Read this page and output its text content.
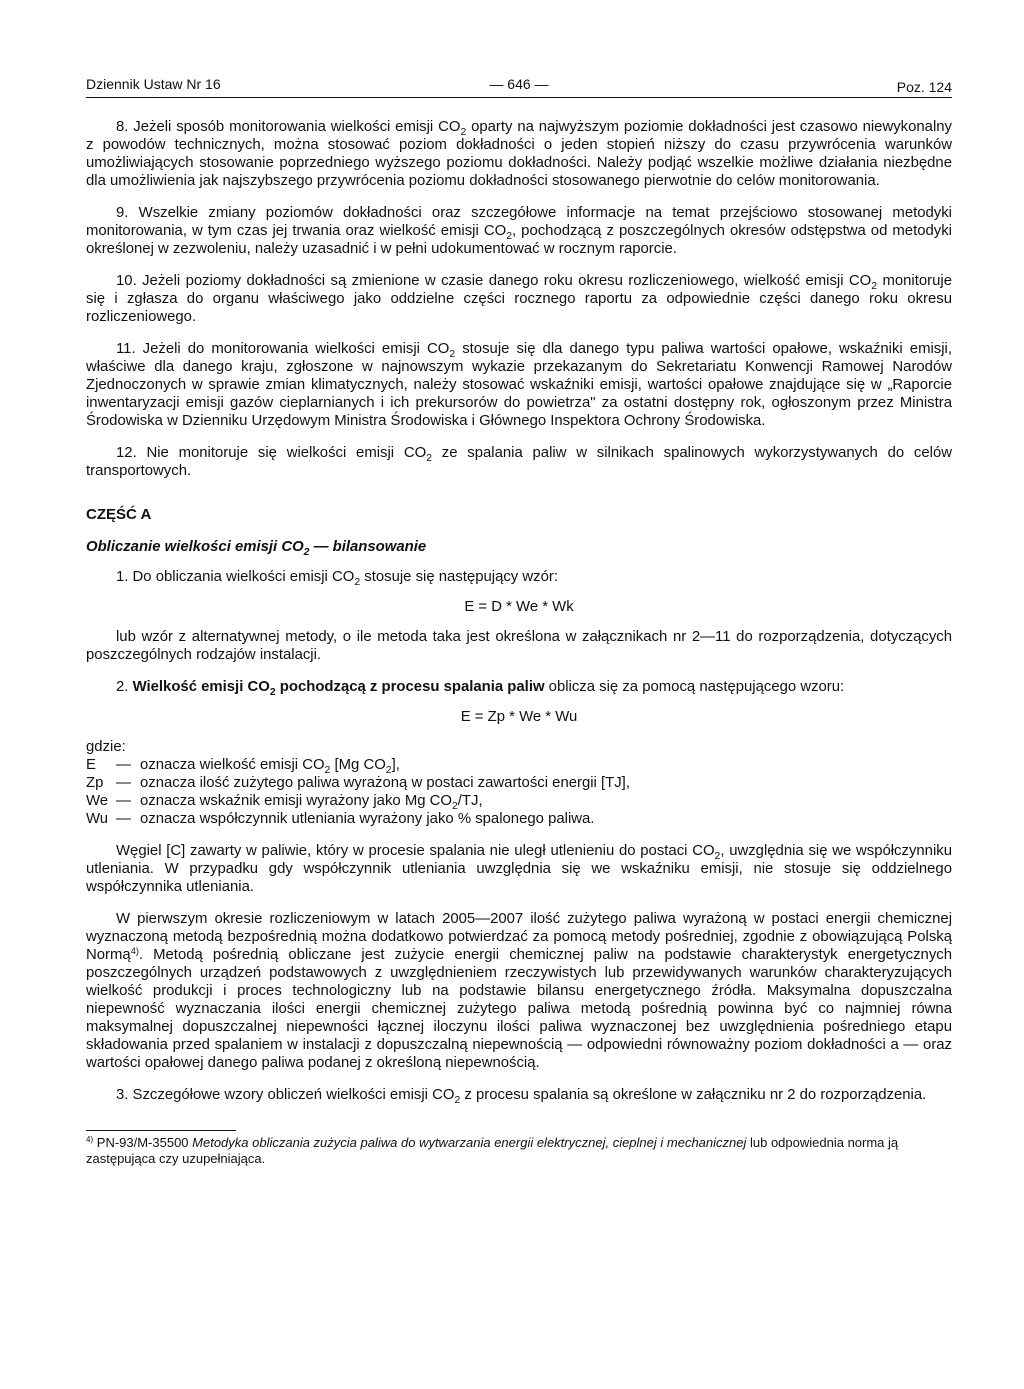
Dziennik Ustaw Nr 16	— 646 —	Poz. 124

8. Jeżeli sposób monitorowania wielkości emisji $CO_2$ oparty na najwyższym poziomie dokładności jest czasowo niewykonalny z powodów technicznych, można stosować poziom dokładności o jeden stopień niższy do czasu przywrócenia warunków umożliwiających stosowanie poprzedniego wyższego poziomu dokładności. Należy podjąć wszelkie możliwe działania niezbędne dla umożliwienia jak najszybszego przywrócenia poziomu dokładności stosowanego pierwotnie do celów monitorowania.

9. Wszelkie zmiany poziomów dokładności oraz szczegółowe informacje na temat przejściowo stosowanej metodyki monitorowania, w tym czas jej trwania oraz wielkość emisji $CO_2$, pochodzącą z poszczególnych okresów odstępstwa od metodyki określonej w zezwoleniu, należy uzasadnić i w pełni udokumentować w rocznym raporcie.

10. Jeżeli poziomy dokładności są zmienione w czasie danego roku okresu rozliczeniowego, wielkość emisji $CO_2$ monitoruje się i zgłasza do organu właściwego jako oddzielne części rocznego raportu za odpowiednie części danego roku okresu rozliczeniowego.

11. Jeżeli do monitorowania wielkości emisji $CO_2$ stosuje się dla danego typu paliwa wartości opałowe, wskaźniki emisji, właściwe dla danego kraju, zgłoszone w najnowszym wykazie przekazanym do Sekretariatu Konwencji Ramowej Narodów Zjednoczonych w sprawie zmian klimatycznych, należy stosować wskaźniki emisji, wartości opałowe znajdujące się w „Raporcie inwentaryzacji emisji gazów cieplarnianych i ich prekursorów do powietrza" za ostatni dostępny rok, ogłoszonym przez Ministra Środowiska w Dzienniku Urzędowym Ministra Środowiska i Głównego Inspektora Ochrony Środowiska.

12. Nie monitoruje się wielkości emisji $CO_2$ ze spalania paliw w silnikach spalinowych wykorzystywanych do celów transportowych.

CZĘŚĆ A
Obliczanie wielkości emisji $CO_2$ — bilansowanie

1. Do obliczania wielkości emisji $CO_2$ stosuje się następujący wzór:

E = D * We * Wk

lub wzór z alternatywnej metody, o ile metoda taka jest określona w załącznikach nr 2—11 do rozporządzenia, dotyczących poszczególnych rodzajów instalacji.

2. Wielkość emisji $CO_2$ pochodzącą z procesu spalania paliw oblicza się za pomocą następującego wzoru:

E = Zp * We * Wu
gdzie:
E	— oznacza wielkość emisji $CO_2$ [Mg $CO_2$],
Zp — oznacza ilość zużytego paliwa wyrażoną w postaci zawartości energii [TJ],
We — oznacza wskaźnik emisji wyrażony jako Mg $CO_2/TJ$,
Wu — oznacza współczynnik utleniania wyrażony jako % spalonego paliwa.

Węgiel [C] zawarty w paliwie, który w procesie spalania nie uległ utlenieniu do postaci $CO_2$, uwzględnia się we współczynniku utleniania. W przypadku gdy współczynnik utleniania uwzględnia się we wskaźniku emisji, nie stosuje się oddzielnego współczynnika utleniania.

W pierwszym okresie rozliczeniowym w latach 2005—2007 ilość zużytego paliwa wyrażoną w postaci energii chemicznej wyznaczoną metodą bezpośrednią można dodatkowo potwierdzać za pomocą metody pośredniej, zgodnie z obowiązującą Polską Normą$^{4)}$. Metodą pośrednią obliczane jest zużycie energii chemicznej paliw na podstawie charakterystyk energetycznych poszczególnych urządzeń podstawowych z uwzględnieniem rzeczywistych lub przewidywanych warunków charakteryzujących wielkość produkcji i proces technologiczny lub na podstawie bilansu energetycznego źródła. Maksymalna dopuszczalna niepewność wyznaczania ilości energii chemicznej zużytego paliwa metodą pośrednią powinna być co najmniej równa maksymalnej dopuszczalnej niepewności łącznej iloczynu ilości paliwa wyznaczonej bez uwzględnienia pośredniego etapu składowania przed spalaniem w instalacji z dopuszczalną niepewnością — odpowiedni równoważny poziom dokładności a — oraz wartości opałowej danego paliwa podanej z określoną niepewnością.

3. Szczegółowe wzory obliczeń wielkości emisji $CO_2$ z procesu spalania są określone w załączniku nr 2 do rozporządzenia.

$^{4)}$ PN-93/M-35500 Metodyka obliczania zużycia paliwa do wytwarzania energii elektrycznej, cieplnej i mechanicznej lub odpowiednia norma ją zastępująca czy uzupełniająca.
